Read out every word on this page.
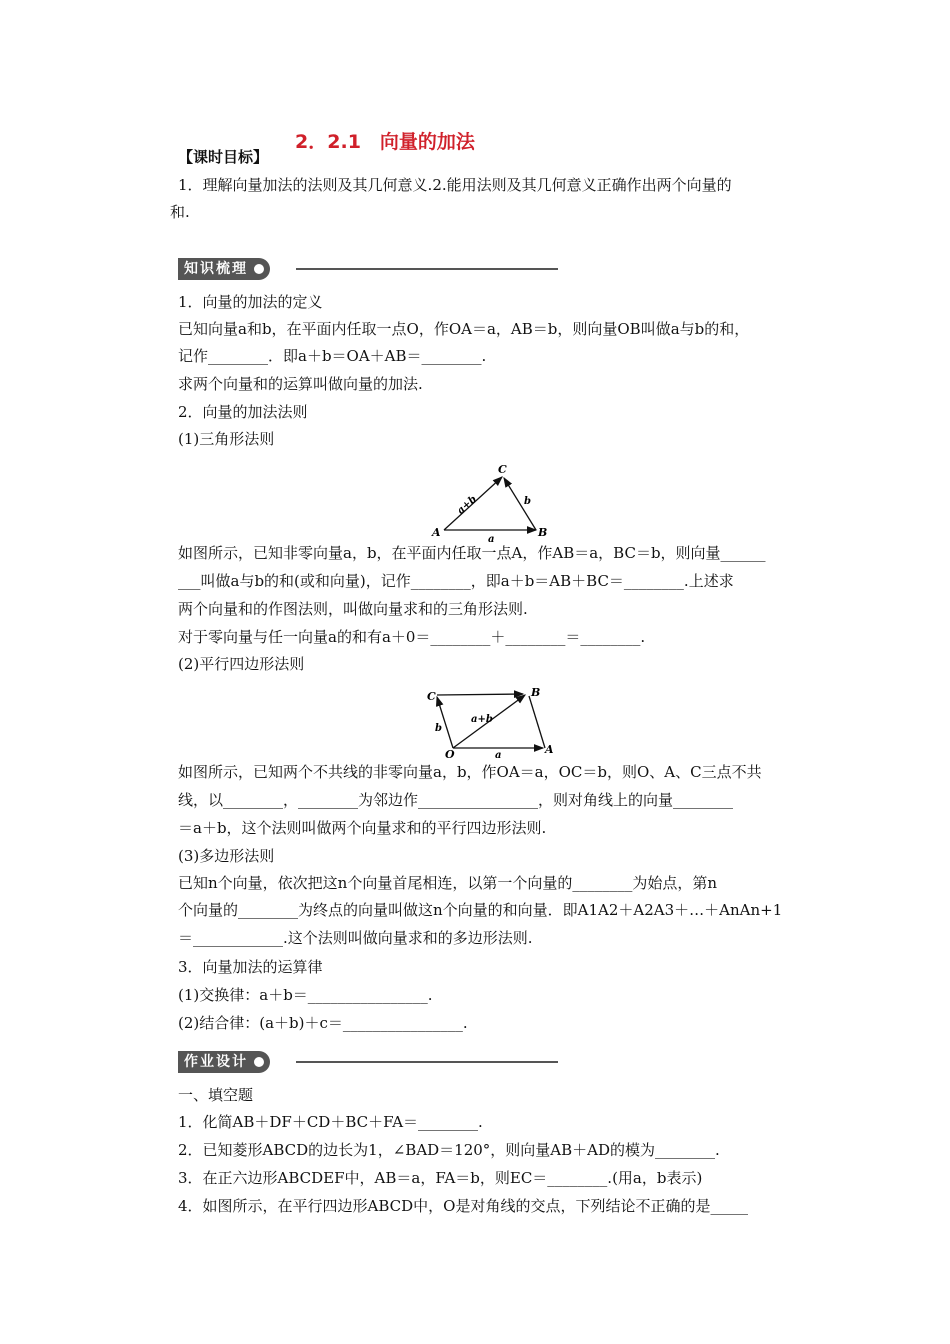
2．2.1　向量的加法
【课时目标】
1．理解向量加法的法则及其几何意义.2.能用法则及其几何意义正确作出两个向量的
和.
知识梳理
1．向量的加法的定义
已知向量a和b，在平面内任取一点O，作OA＝a，AB＝b，则向量OB叫做a与b的和，
记作________．即a＋b＝OA＋AB＝________.
求两个向量和的运算叫做向量的加法.
2．向量的加法法则
(1)三角形法则
A	B
C
a
b
a+b
如图所示，已知非零向量a，b，在平面内任取一点A，作AB＝a，BC＝b，则向量______
___叫做a与b的和(或和向量)，记作________，即a＋b＝AB＋BC＝________.上述求
两个向量和的作图法则，叫做向量求和的三角形法则.
对于零向量与任一向量a的和有a＋0＝________＋________＝________.
(2)平行四边形法则
C	B
A
O	a
b
a+b
如图所示，已知两个不共线的非零向量a，b，作OA＝a，OC＝b，则O、A、C三点不共
线，以________，________为邻边作________________，则对角线上的向量________
＝a＋b，这个法则叫做两个向量求和的平行四边形法则.
(3)多边形法则
已知n个向量，依次把这n个向量首尾相连，以第一个向量的________为始点，第n
个向量的________为终点的向量叫做这n个向量的和向量．即A1A2＋A2A3＋…＋AnAn+1
＝____________.这个法则叫做向量求和的多边形法则.
3．向量加法的运算律
(1)交换律：a＋b＝________________.
(2)结合律：(a＋b)＋c＝________________.
作业设计
一、填空题
1．化简AB＋DF＋CD＋BC＋FA＝________.
2．已知菱形ABCD的边长为1，∠BAD＝120°，则向量AB＋AD的模为________.
3．在正六边形ABCDEF中，AB＝a，FA＝b，则EC＝________.(用a，b表示)
4．如图所示，在平行四边形ABCD中，O是对角线的交点，下列结论不正确的是_____
